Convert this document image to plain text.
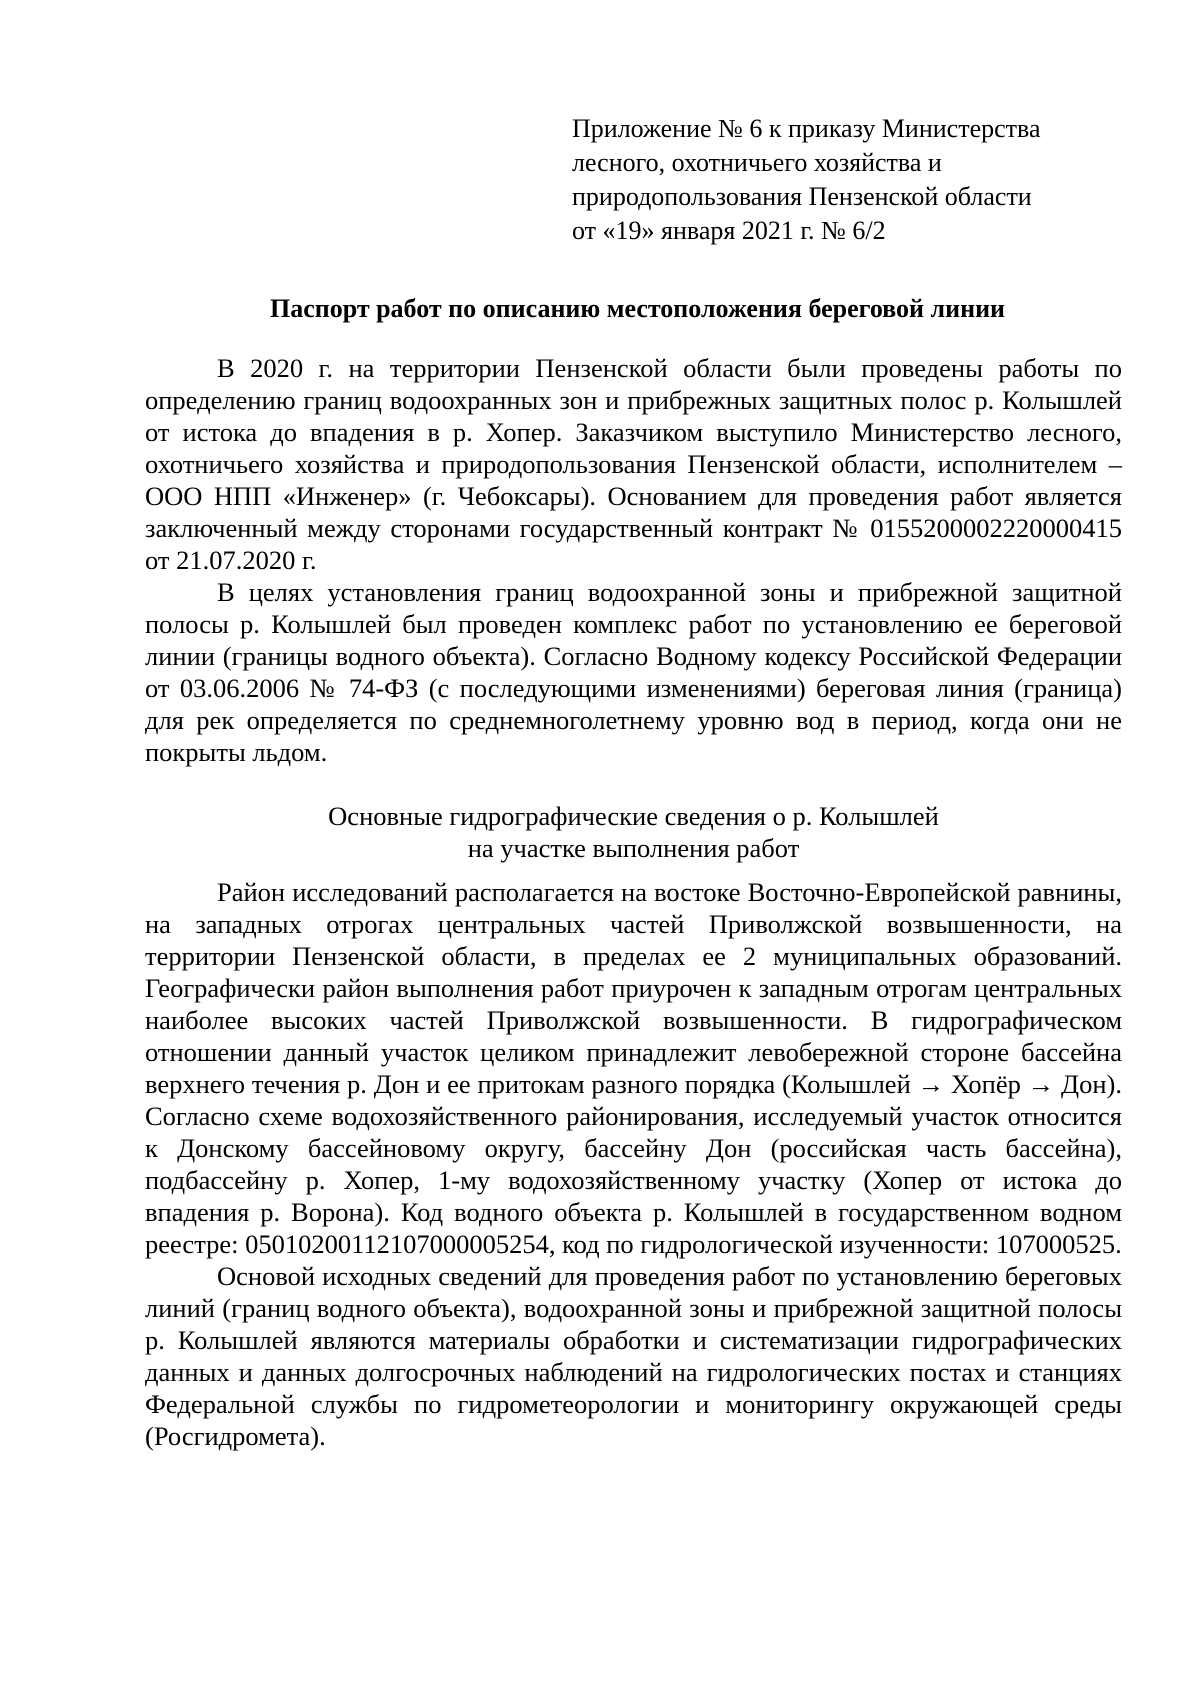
Приложение № 6 к приказу Министерства
лесного, охотничьего хозяйства и
природопользования Пензенской области
от «19» января 2021 г. № 6/2
Паспорт работ по описанию местоположения береговой линии

В 2020 г. на территории Пензенской области были проведены работы по определению границ водоохранных зон и прибрежных защитных полос р. Колышлей от истока до впадения в р. Хопер. Заказчиком выступило Министерство лесного, охотничьего хозяйства и природопользования Пензенской области, исполнителем – ООО НПП «Инженер» (г. Чебоксары). Основанием для проведения работ является заключенный между сторонами государственный контракт № 0155200002220000415 от 21.07.2020 г.

В целях установления границ водоохранной зоны и прибрежной защитной полосы р. Колышлей был проведен комплекс работ по установлению ее береговой линии (границы водного объекта). Согласно Водному кодексу Российской Федерации от 03.06.2006 № 74-ФЗ (с последующими изменениями) береговая линия (граница) для рек определяется по среднемноголетнему уровню вод в период, когда они не покрыты льдом.

Основные гидрографические сведения о р. Колышлей
на участке выполнения работ

Район исследований располагается на востоке Восточно-Европейской равнины, на западных отрогах центральных частей Приволжской возвышенности, на территории Пензенской области, в пределах ее 2 муниципальных образований. Географически район выполнения работ приурочен к западным отрогам центральных наиболее высоких частей Приволжской возвышенности. В гидрографическом отношении данный участок целиком принадлежит левобережной стороне бассейна верхнего течения р. Дон и ее притокам разного порядка (Колышлей → Хопёр → Дон). Согласно схеме водохозяйственного районирования, исследуемый участок относится к Донскому бассейновому округу, бассейну Дон (российская часть бассейна), подбассейну р. Хопер, 1-му водохозяйственному участку (Хопер от истока до впадения р. Ворона). Код водного объекта р. Колышлей в государственном водном реестре: 05010200112107000005254, код по гидрологической изученности: 107000525.

Основой исходных сведений для проведения работ по установлению береговых линий (границ водного объекта), водоохранной зоны и прибрежной защитной полосы р. Колышлей являются материалы обработки и систематизации гидрографических данных и данных долгосрочных наблюдений на гидрологических постах и станциях Федеральной службы по гидрометеорологии и мониторингу окружающей среды (Росгидромета).
